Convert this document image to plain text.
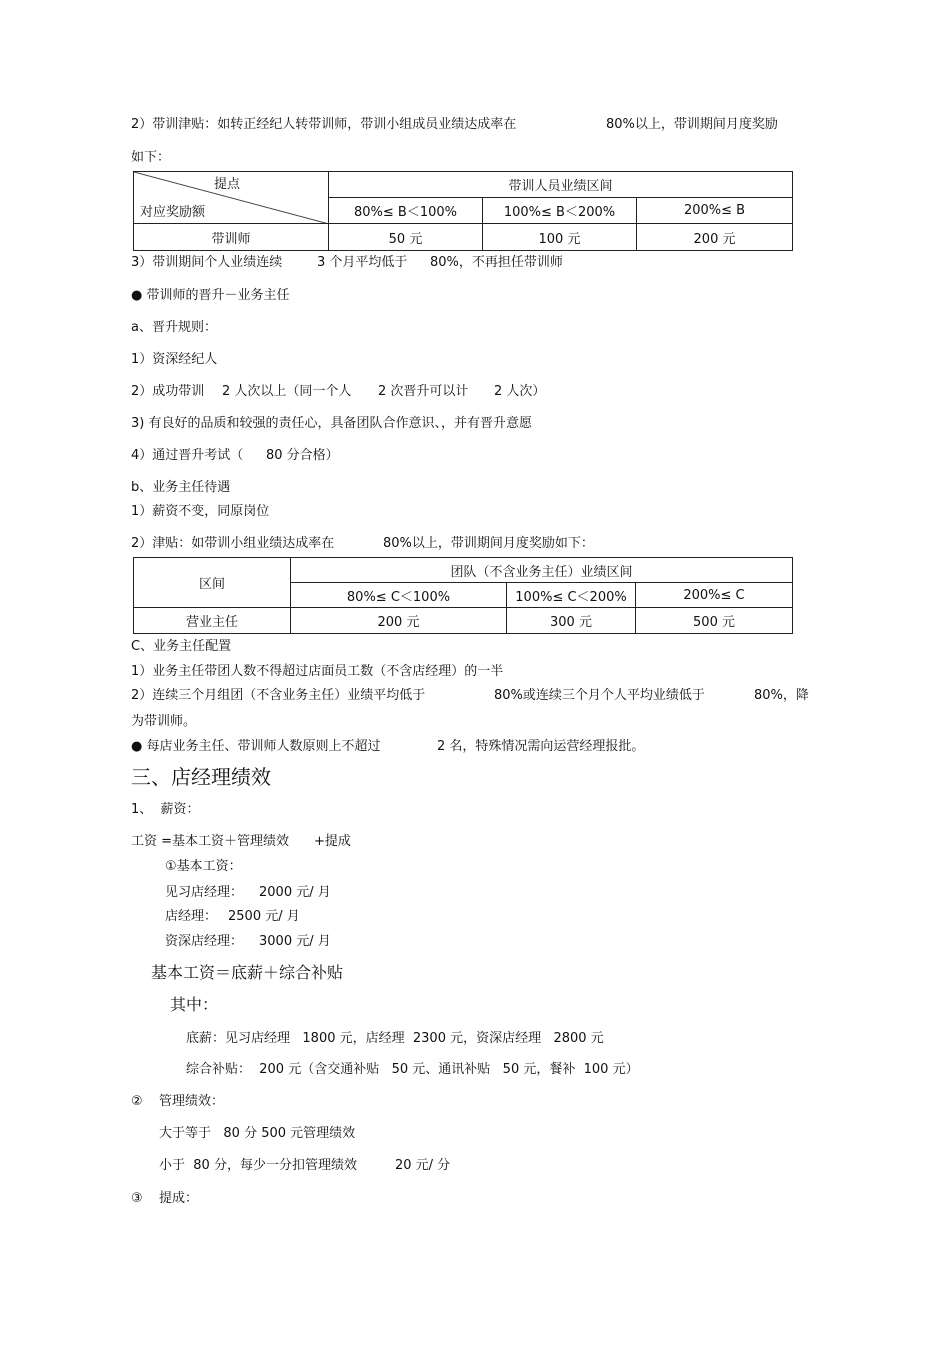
2）带训津贴：如转正经纪人转带训师，带训小组成员业绩达成率在	80%以上，带训期间月度奖励
如下：
提点
对应奖励额	带训人员业绩区间		
	80%≤ B＜100%	100%≤ B＜200%	200%≤ B
带训师	50 元	100 元	200 元
3）带训期间个人业绩连续	3 个月平均低于 80%，不再担任带训师
● 带训师的晋升－业务主任
a、晋升规则：
1）资深经纪人
2）成功带训 2 人次以上（同一个人 2 次晋升可以计 2 人次）
3) 有良好的品质和较强的责任心，具备团队合作意识、，并有晋升意愿
4）通过晋升考试（ 80 分合格）
b、业务主任待遇
1）薪资不变，同原岗位
2）津贴：如带训小组业绩达成率在	80%以上，带训期间月度奖励如下：
区间	团队（不含业务主任）业绩区间		
	80%≤ C＜100%	100%≤ C＜200%	200%≤ C
营业主任	200 元	300 元	500 元
C、业务主任配置
1）业务主任带团人数不得超过店面员工数（不含店经理）的一半
2）连续三个月组团（不含业务主任）业绩平均低于	80%或连续三个月个人平均业绩低于	80%，降
为带训师。
● 每店业务主任、带训师人数原则上不超过	2 名，特殊情况需向运营经理报批。
三、店经理绩效
1、  薪资：
工资 =基本工资＋管理绩效 +提成
①基本工资：
见习店经理： 2000 元/ 月
店经理： 2500 元/ 月
资深店经理： 3000 元/ 月
基本工资＝底薪＋综合补贴
其中：
底薪：见习店经理   1800 元，店经理  2300 元，资深店经理   2800 元
综合补贴：  200 元（含交通补贴   50 元、通讯补贴   50 元，餐补  100 元）
② 管理绩效：
大于等于   80 分 500 元管理绩效
小于  80 分，每少一分扣管理绩效	20 元/ 分
③ 提成：
